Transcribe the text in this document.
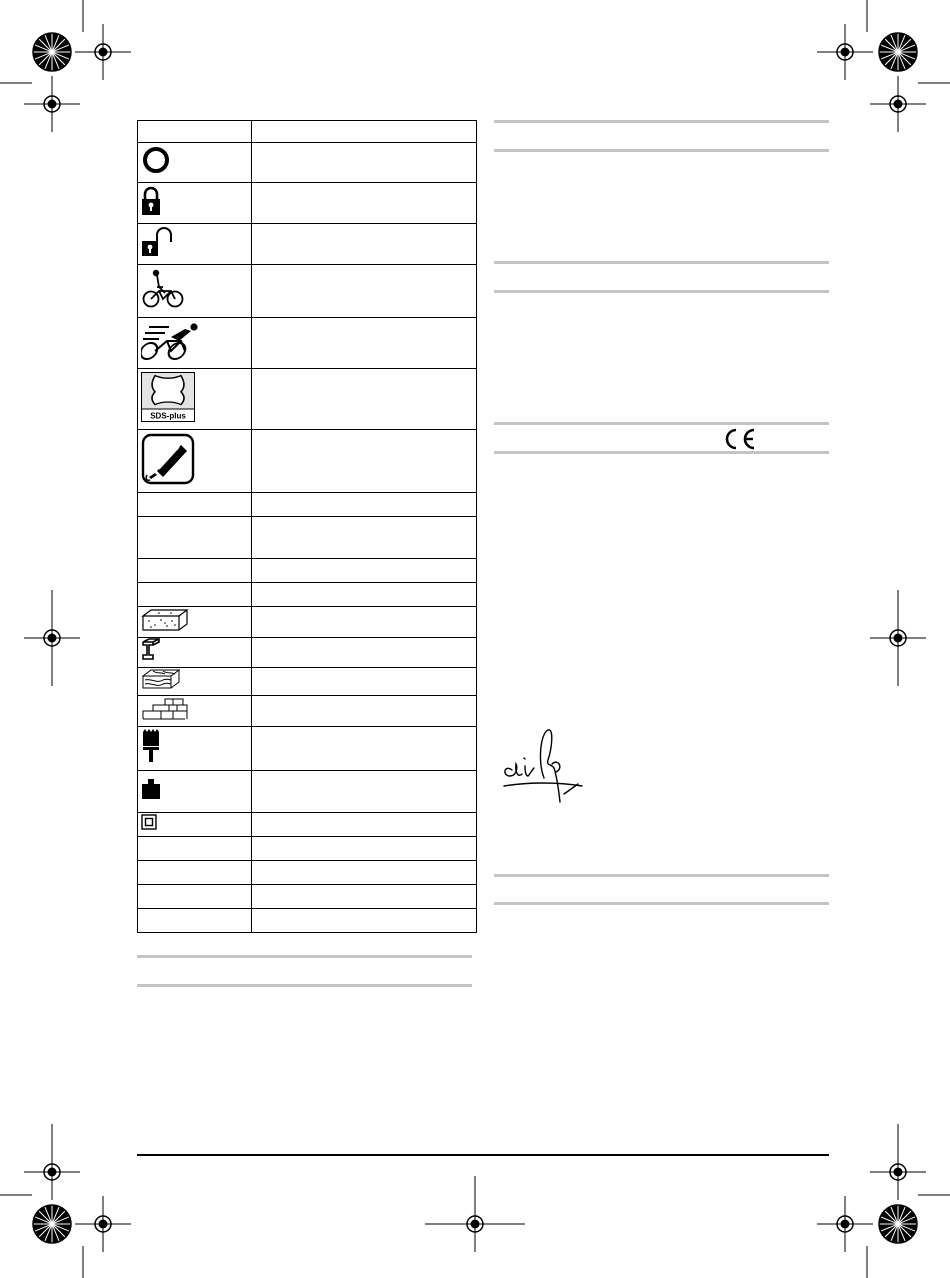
SDS-plus	
